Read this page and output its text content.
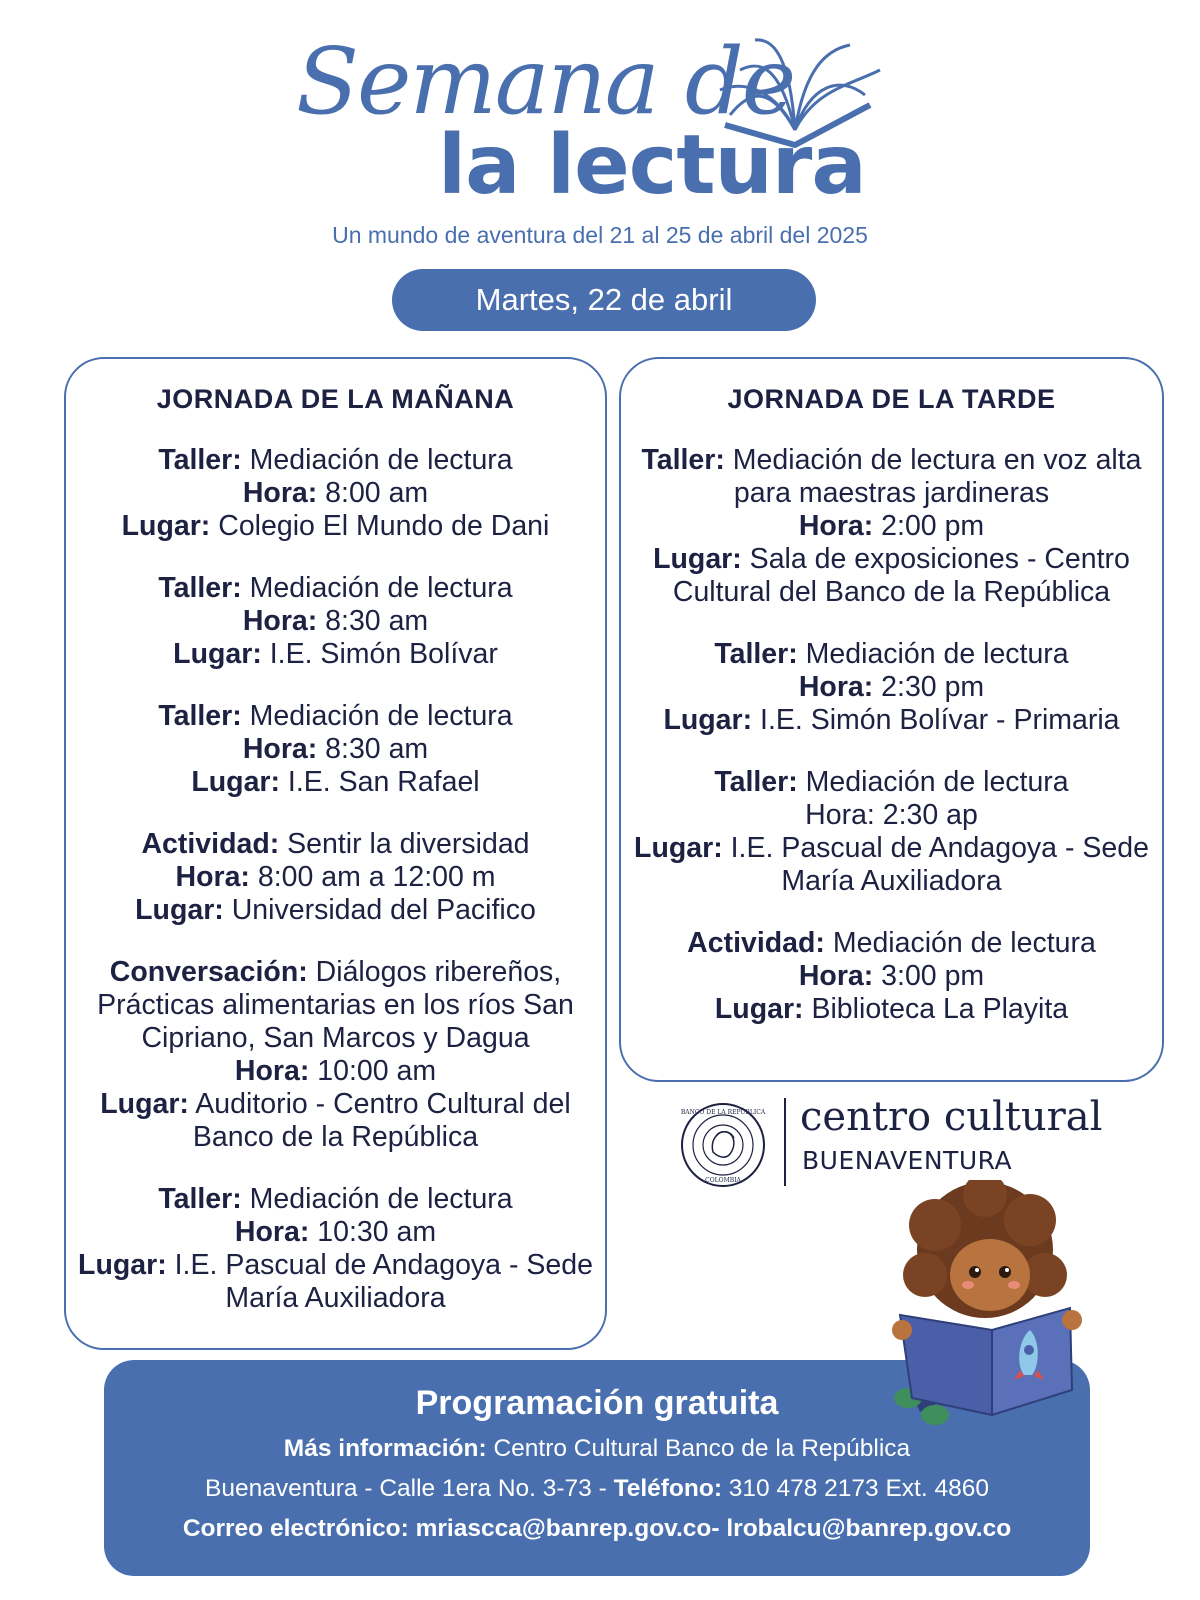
Semana de
la lectura
Un mundo de aventura del 21 al 25 de abril del 2025
Martes, 22 de abril
JORNADA DE LA MAÑANA
Taller: Mediación de lectura
Hora: 8:00 am
Lugar: Colegio El Mundo de Dani
Taller: Mediación de lectura
Hora: 8:30 am
Lugar: I.E. Simón Bolívar
Taller: Mediación de lectura
Hora: 8:30 am
Lugar: I.E. San Rafael
Actividad: Sentir la diversidad
Hora: 8:00 am a 12:00 m
Lugar: Universidad del Pacifico
Conversación: Diálogos ribereños, Prácticas alimentarias en los ríos San Cipriano, San Marcos y Dagua
Hora: 10:00 am
Lugar: Auditorio - Centro Cultural del Banco de la República
Taller: Mediación de lectura
Hora: 10:30 am
Lugar: I.E. Pascual de Andagoya - Sede María Auxiliadora
JORNADA DE LA TARDE
Taller: Mediación de lectura en voz alta para maestras jardineras
Hora: 2:00 pm
Lugar: Sala de exposiciones - Centro Cultural del Banco de la República
Taller: Mediación de lectura
Hora: 2:30 pm
Lugar: I.E. Simón Bolívar - Primaria
Taller: Mediación de lectura
Hora: 2:30 ap
Lugar: I.E. Pascual de Andagoya - Sede María Auxiliadora
Actividad: Mediación de lectura
Hora: 3:00 pm
Lugar: Biblioteca La Playita
BANCO DE LA REPÚBLICA
COLOMBIA
centro cultural
BUENAVENTURA
Programación gratuita
Más información: Centro Cultural Banco de la República
Buenaventura - Calle 1era No. 3-73 - Teléfono: 310 478 2173 Ext. 4860
Correo electrónico: mriascca@banrep.gov.co- lrobalcu@banrep.gov.co
